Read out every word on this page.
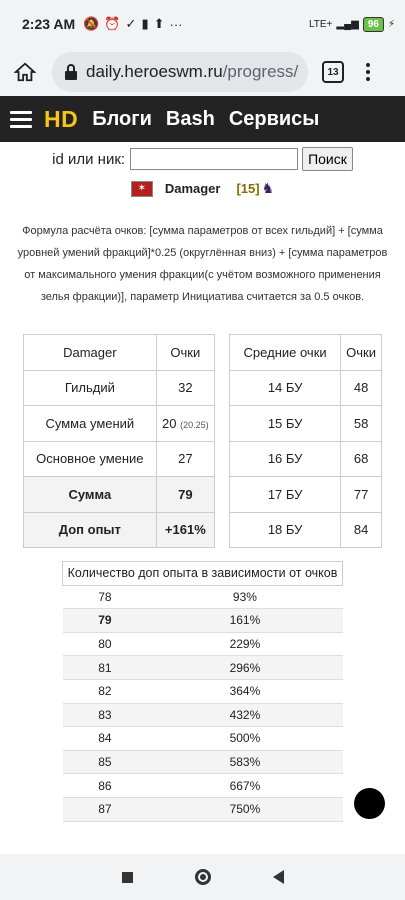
2:23 AM 🔕 ⏰ ✓ ▮ ⬆ ···	LTE+ ▂▄▆ 96 ⚡
daily.heroeswm.ru /progress/	13
HD Блоги Bash Сервисы
id или ник:	Поиск
✶	Damager [15] ♞
Формула расчёта очков: [сумма параметров от всех гильдий] + [сумма уровней умений фракций]*0.25 (округлённая вниз) + [сумма параметров от максимального умения фракции(с учётом возможного применения зелья фракции)], параметр Инициатива считается за 0.5 очков.
Damager	Очки
Гильдий	32
Сумма умений	20 (20.25)
Основное умение	27
Сумма	79
Доп опыт	+161%
Средние очки	Очки
14 БУ	48
15 БУ	58
16 БУ	68
17 БУ	77
18 БУ	84
Количество доп опыта в зависимости от очков	
78	93%
79	161%
80	229%
81	296%
82	364%
83	432%
84	500%
85	583%
86	667%
87	750%
